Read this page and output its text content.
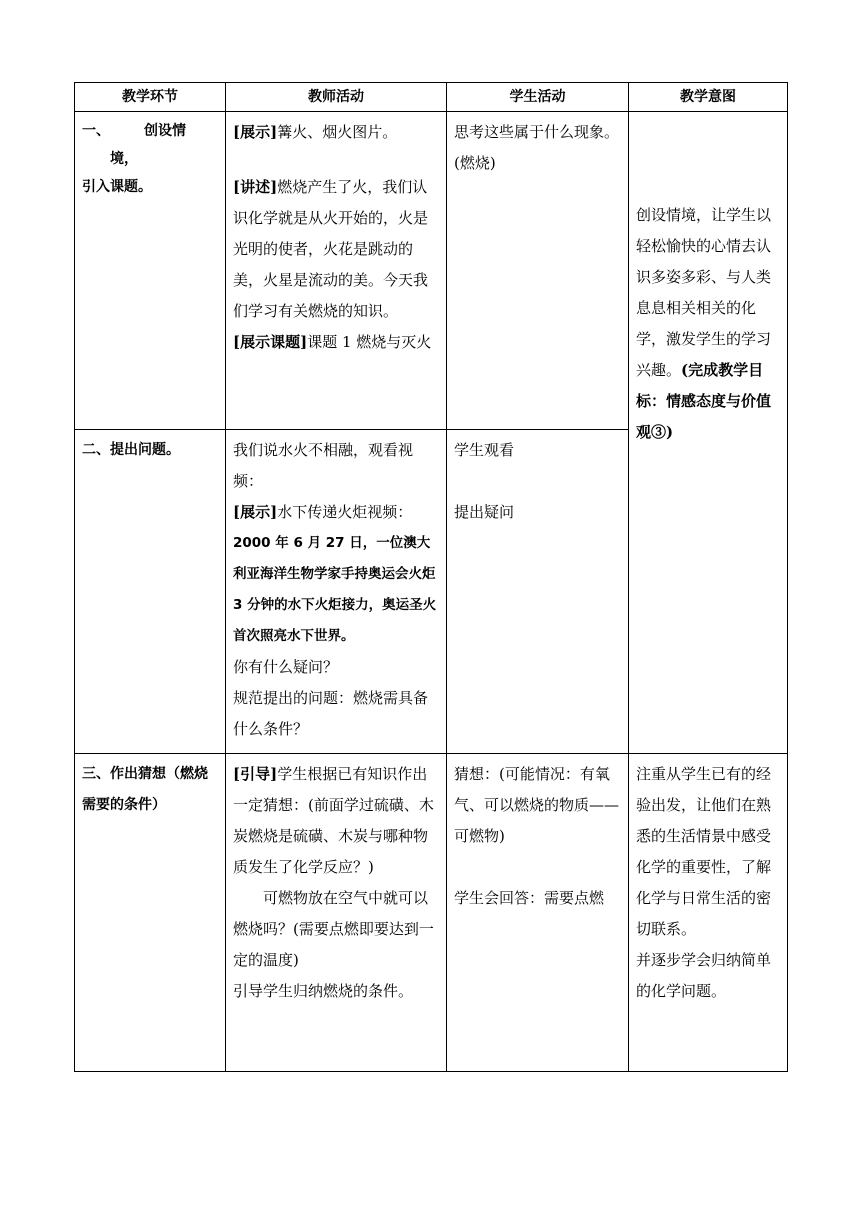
教学环节	教师活动	学生活动	教学意图
一、 创设情
境，
引入课题。	[展示]篝火、烟火图片。
[讲述]燃烧产生了火，我们认识化学就是从火开始的，火是光明的使者，火花是跳动的美，火星是流动的美。今天我们学习有关燃烧的知识。
[展示课题]课题 1 燃烧与灭火	思考这些属于什么现象。(燃烧)	创设情境，让学生以轻松愉快的心情去认识多姿多彩、与人类息息相关相关的化学，激发学生的学习兴趣。(完成教学目标：情感态度与价值观③)
二、提出问题。	我们说水火不相融，观看视频：
[展示]水下传递火炬视频：
2000 年 6 月 27 日，一位澳大利亚海洋生物学家手持奥运会火炬 3 分钟的水下火炬接力，奥运圣火首次照亮水下世界。
你有什么疑问？
规范提出的问题：燃烧需具备什么条件？	学生观看
提出疑问	

三、作出猜想（燃烧需要的条件）	[引导]学生根据已有知识作出一定猜想：(前面学过硫磺、木炭燃烧是硫磺、木炭与哪种物质发生了化学反应？)
可燃物放在空气中就可以燃烧吗？(需要点燃即要达到一定的温度)
引导学生归纳燃烧的条件。	猜想：(可能情况：有氧气、可以燃烧的物质——可燃物)
学生会回答：需要点燃	注重从学生已有的经验出发，让他们在熟悉的生活情景中感受化学的重要性，了解化学与日常生活的密切联系。
并逐步学会归纳简单的化学问题。
